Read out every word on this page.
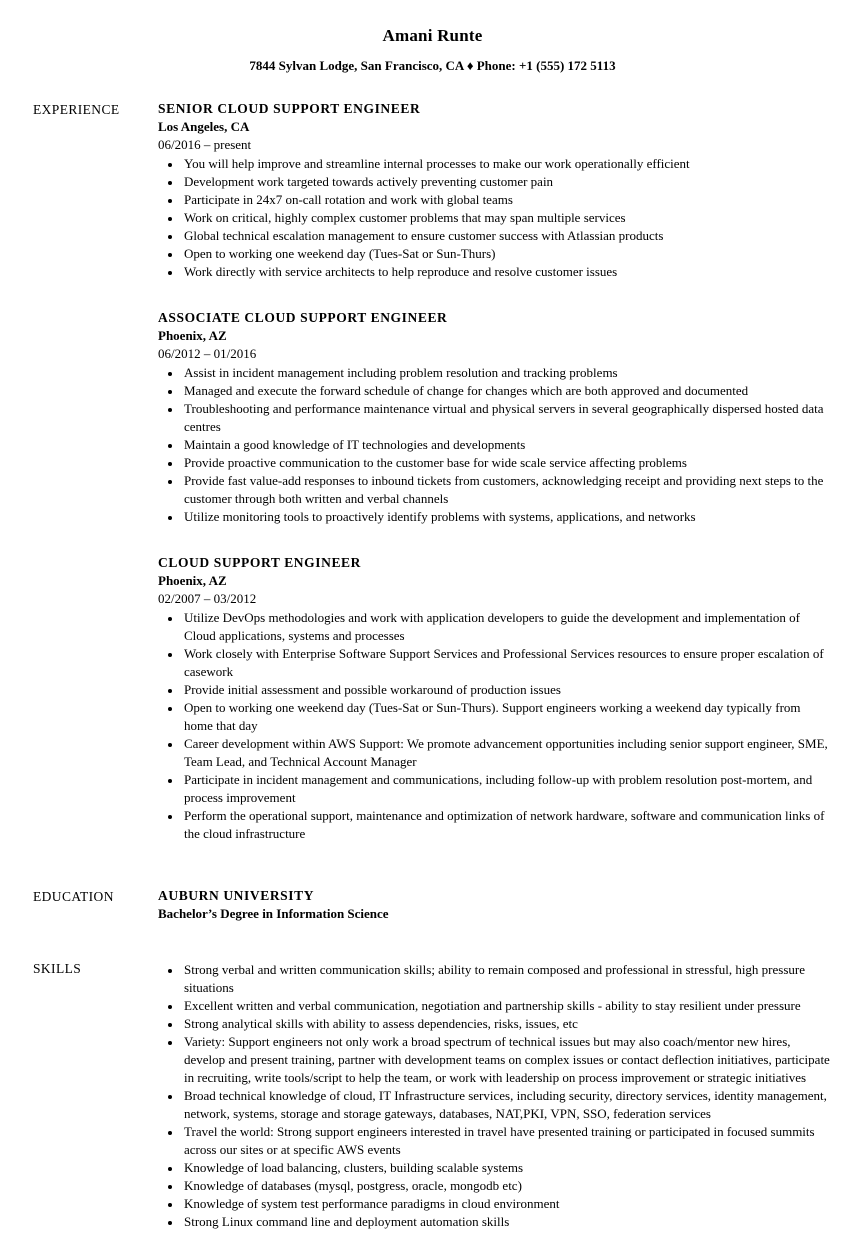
Amani Runte
7844 Sylvan Lodge, San Francisco, CA ♦ Phone: +1 (555) 172 5113
EXPERIENCE	SENIOR CLOUD SUPPORT ENGINEER
Los Angeles, CA
06/2016 – present
• You will help improve and streamline internal processes to make our work operationally efficient
• Development work targeted towards actively preventing customer pain
• Participate in 24x7 on-call rotation and work with global teams
• Work on critical, highly complex customer problems that may span multiple services
• Global technical escalation management to ensure customer success with Atlassian products
• Open to working one weekend day (Tues-Sat or Sun-Thurs)
• Work directly with service architects to help reproduce and resolve customer issues
ASSOCIATE CLOUD SUPPORT ENGINEER
Phoenix, AZ
06/2012 – 01/2016
• Assist in incident management including problem resolution and tracking problems
• Managed and execute the forward schedule of change for changes which are both approved and documented
• Troubleshooting and performance maintenance virtual and physical servers in several geographically dispersed hosted data centres
• Maintain a good knowledge of IT technologies and developments
• Provide proactive communication to the customer base for wide scale service affecting problems
• Provide fast value-add responses to inbound tickets from customers, acknowledging receipt and providing next steps to the customer through both written and verbal channels
• Utilize monitoring tools to proactively identify problems with systems, applications, and networks
CLOUD SUPPORT ENGINEER
Phoenix, AZ
02/2007 – 03/2012
• Utilize DevOps methodologies and work with application developers to guide the development and implementation of Cloud applications, systems and processes
• Work closely with Enterprise Software Support Services and Professional Services resources to ensure proper escalation of casework
• Provide initial assessment and possible workaround of production issues
• Open to working one weekend day (Tues-Sat or Sun-Thurs). Support engineers working a weekend day typically from home that day
• Career development within AWS Support: We promote advancement opportunities including senior support engineer, SME, Team Lead, and Technical Account Manager
• Participate in incident management and communications, including follow-up with problem resolution post-mortem, and process improvement
• Perform the operational support, maintenance and optimization of network hardware, software and communication links of the cloud infrastructure
EDUCATION	AUBURN UNIVERSITY
Bachelor’s Degree in Information Science
SKILLS	• Strong verbal and written communication skills; ability to remain composed and professional in stressful, high pressure situations
• Excellent written and verbal communication, negotiation and partnership skills - ability to stay resilient under pressure
• Strong analytical skills with ability to assess dependencies, risks, issues, etc
• Variety: Support engineers not only work a broad spectrum of technical issues but may also coach/mentor new hires, develop and present training, partner with development teams on complex issues or contact deflection initiatives, participate in recruiting, write tools/script to help the team, or work with leadership on process improvement or strategic initiatives
• Broad technical knowledge of cloud, IT Infrastructure services, including security, directory services, identity management, network, systems, storage and storage gateways, databases, NAT,PKI, VPN, SSO, federation services
• Travel the world: Strong support engineers interested in travel have presented training or participated in focused summits across our sites or at specific AWS events
• Knowledge of load balancing, clusters, building scalable systems
• Knowledge of databases (mysql, postgress, oracle, mongodb etc)
• Knowledge of system test performance paradigms in cloud environment
• Strong Linux command line and deployment automation skills
